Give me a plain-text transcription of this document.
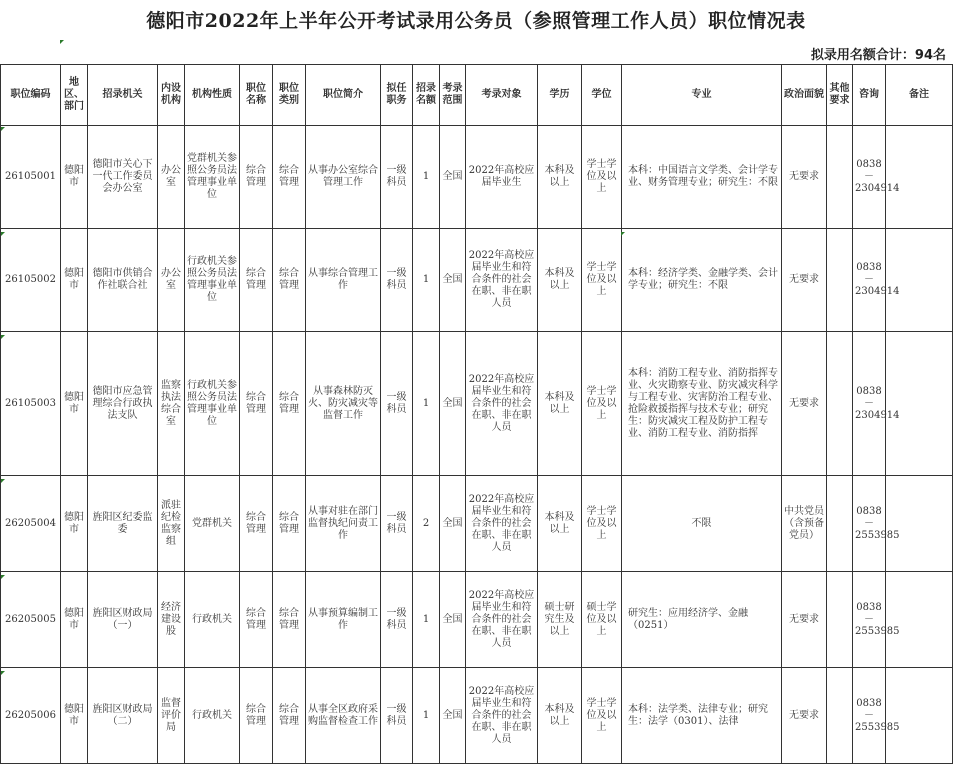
德阳市2022年上半年公开考试录用公务员（参照管理工作人员）职位情况表
拟录用名额合计：94名
职位编码	地区、部门	招录机关	内设机构	机构性质	职位名称	职位类别	职位简介	拟任职务	招录名额	考录范围	考录对象	学历	学位	专业	政治面貌	其他要求	咨询	备注
26105001	德阳市	德阳市关心下一代工作委员会办公室	办公室	党群机关参照公务员法管理事业单位	综合管理	综合管理	从事办公室综合管理工作	一级科员	1	全国	2022年高校应届毕业生	本科及以上	学士学位及以上	本科：中国语言文学类、会计学专业、财务管理专业；研究生：不限	无要求		0838－2304914	
26105002	德阳市	德阳市供销合作社联合社	办公室	行政机关参照公务员法管理事业单位	综合管理	综合管理	从事综合管理工作	一级科员	1	全国	2022年高校应届毕业生和符合条件的社会在职、非在职人员	本科及以上	学士学位及以上	本科：经济学类、金融学类、会计学专业；研究生：不限	无要求		0838－2304914	
26105003	德阳市	德阳市应急管理综合行政执法支队	监察执法综合室	行政机关参照公务员法管理事业单位	综合管理	综合管理	从事森林防灭火、防灾减灾等监督工作	一级科员	1	全国	2022年高校应届毕业生和符合条件的社会在职、非在职人员	本科及以上	学士学位及以上	本科：消防工程专业、消防指挥专业、火灾勘察专业、防灾减灾科学与工程专业、灾害防治工程专业、抢险救援指挥与技术专业；研究生：防灾减灾工程及防护工程专业、消防工程专业、消防指挥	无要求		0838－2304914	
26205004	德阳市	旌阳区纪委监委	派驻纪检监察组	党群机关	综合管理	综合管理	从事对驻在部门监督执纪问责工作	一级科员	2	全国	2022年高校应届毕业生和符合条件的社会在职、非在职人员	本科及以上	学士学位及以上	不限	中共党员（含预备党员）		0838－2553985	
26205005	德阳市	旌阳区财政局（一）	经济建设股	行政机关	综合管理	综合管理	从事预算编制工作	一级科员	1	全国	2022年高校应届毕业生和符合条件的社会在职、非在职人员	硕士研究生及以上	硕士学位及以上	研究生：应用经济学、金融（0251）	无要求		0838－2553985	
26205006	德阳市	旌阳区财政局（二）	监督评价局	行政机关	综合管理	综合管理	从事全区政府采购监督检查工作	一级科员	1	全国	2022年高校应届毕业生和符合条件的社会在职、非在职人员	本科及以上	学士学位及以上	本科：法学类、法律专业；研究生：法学（0301）、法律	无要求		0838－2553985	
